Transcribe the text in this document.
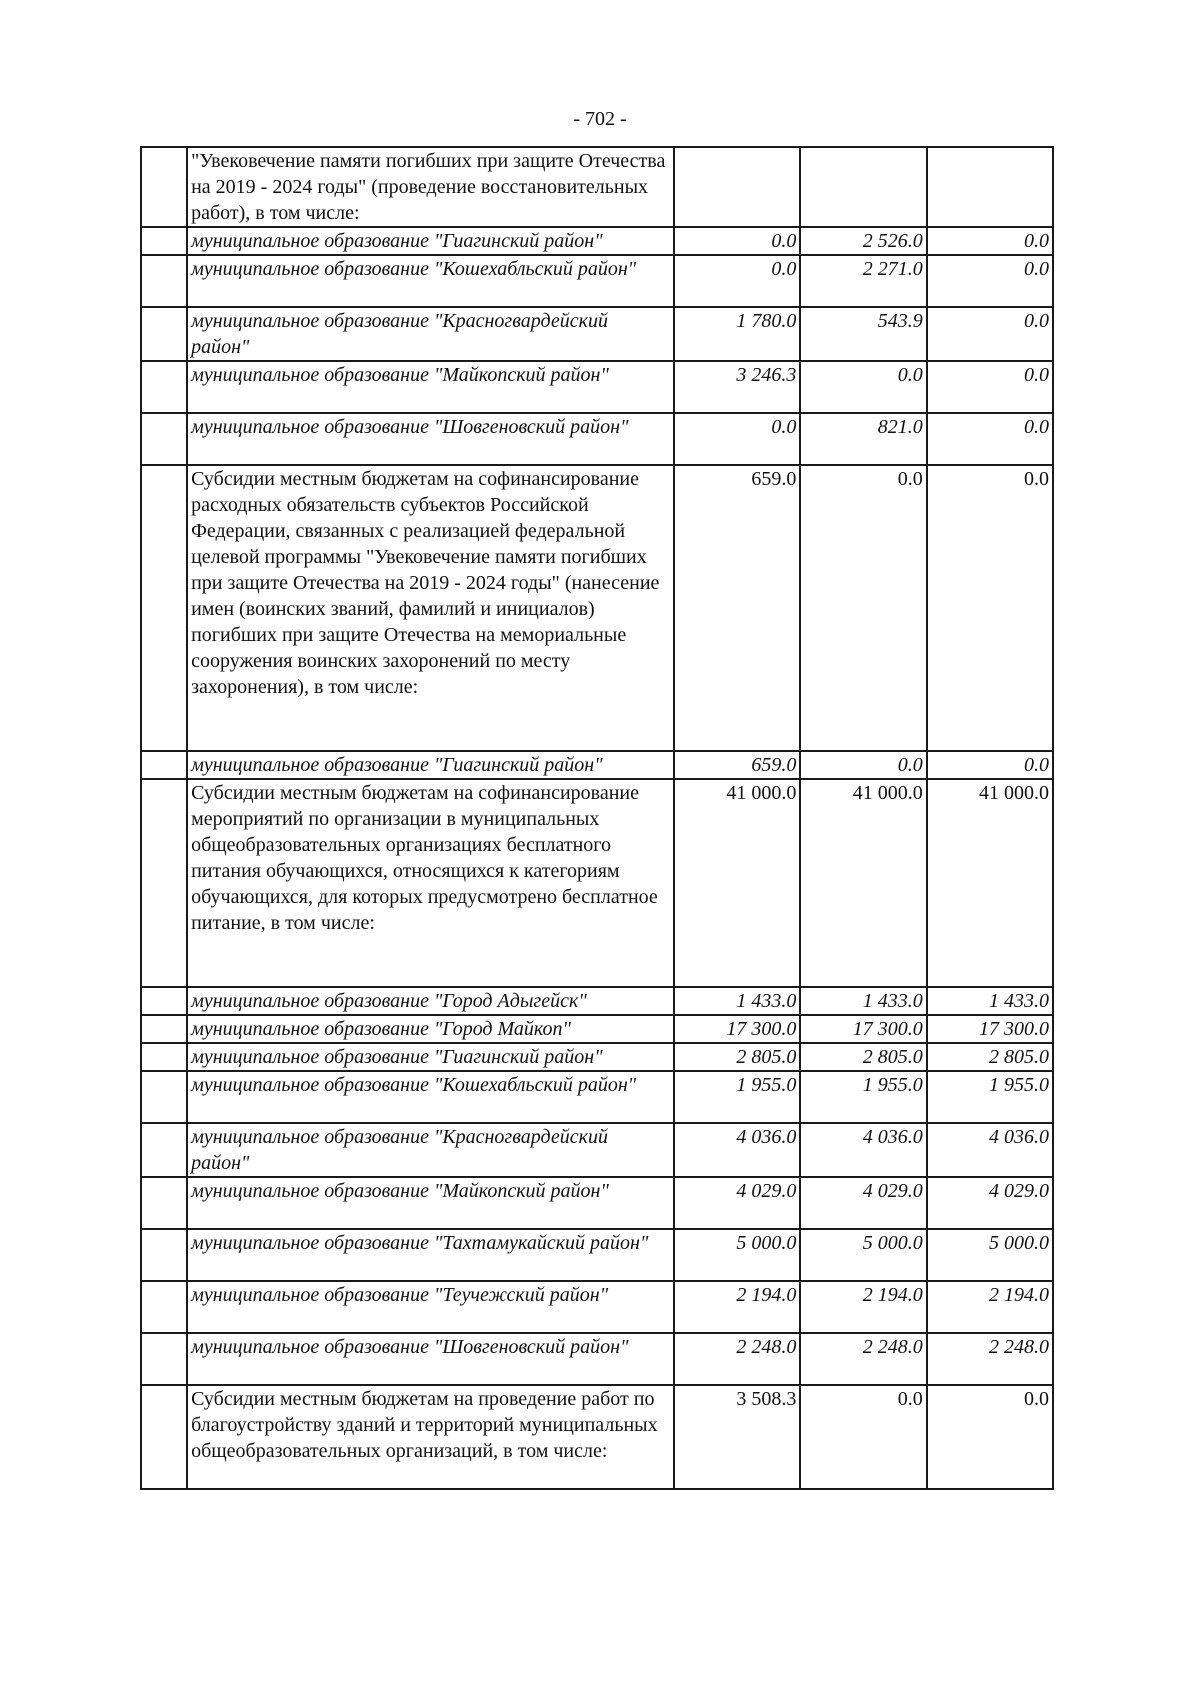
- 702 -
	"Увековечение памяти погибших при защите Отечества на 2019 - 2024 годы" (проведение восстановительных работ), в том числе:			
	муниципальное образование "Гиагинский район"	0.0	2 526.0	0.0
	муниципальное образование "Кошехабльский район"	0.0	2 271.0	0.0
	муниципальное образование "Красногвардейский район"	1 780.0	543.9	0.0
	муниципальное образование "Майкопский район"	3 246.3	0.0	0.0
	муниципальное образование "Шовгеновский район"	0.0	821.0	0.0
	Субсидии местным бюджетам на софинансирование расходных обязательств субъектов Российской Федерации, связанных с реализацией федеральной целевой программы "Увековечение памяти погибших при защите Отечества на 2019 - 2024 годы" (нанесение имен (воинских званий, фамилий и инициалов) погибших при защите Отечества на мемориальные сооружения воинских захоронений по месту захоронения), в том числе:	659.0	0.0	0.0
	муниципальное образование "Гиагинский район"	659.0	0.0	0.0
	Субсидии местным бюджетам на софинансирование мероприятий по организации в муниципальных общеобразовательных организациях бесплатного питания обучающихся, относящихся к категориям обучающихся, для которых предусмотрено бесплатное питание, в том числе:	41 000.0	41 000.0	41 000.0
	муниципальное образование "Город Адыгейск"	1 433.0	1 433.0	1 433.0
	муниципальное образование "Город Майкоп"	17 300.0	17 300.0	17 300.0
	муниципальное образование "Гиагинский район"	2 805.0	2 805.0	2 805.0
	муниципальное образование "Кошехабльский район"	1 955.0	1 955.0	1 955.0
	муниципальное образование "Красногвардейский район"	4 036.0	4 036.0	4 036.0
	муниципальное образование "Майкопский район"	4 029.0	4 029.0	4 029.0
	муниципальное образование "Тахтамукайский район"	5 000.0	5 000.0	5 000.0
	муниципальное образование "Теучежский район"	2 194.0	2 194.0	2 194.0
	муниципальное образование "Шовгеновский район"	2 248.0	2 248.0	2 248.0
	Субсидии местным бюджетам на проведение работ по благоустройству зданий и территорий муниципальных общеобразовательных организаций, в том числе:	3 508.3	0.0	0.0
